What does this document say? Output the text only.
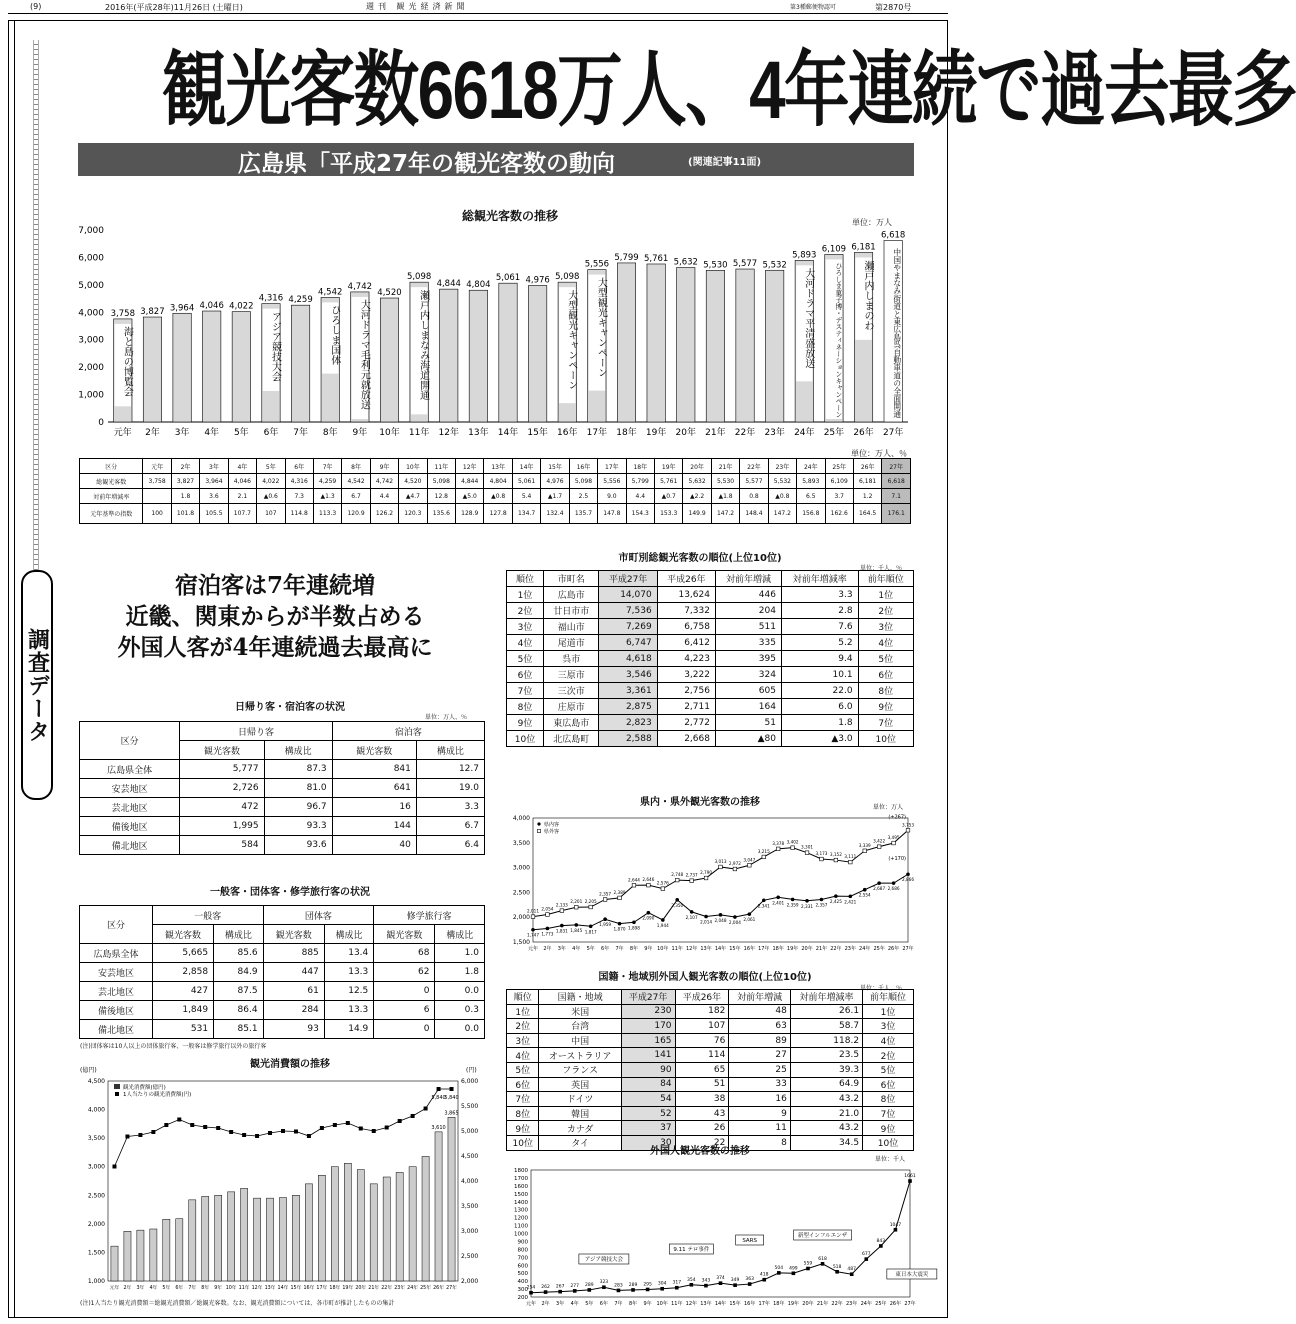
(9)	2016年(平成28年)11月26日 (土曜日)	週刊 観光経済新聞	第3種郵便物認可	第2870号
調査データ
観光客数6618万人、4年連続で過去最多
広島県「平成27年の観光客数の動向	(関連記事11面)
総観光客数の推移	単位：万人
0
1,000
2,000
3,000
4,000
5,000
6,000
7,000
3,758
元年
3,827
2年
3,964
3年
4,046
4年
4,022
5年
4,316
6年
4,259
7年
4,542
8年
4,742
9年
4,520
10年
5,098
11年
4,844
12年
4,804
13年
5,061
14年
4,976
15年
5,098
16年
5,556
17年
5,799
18年
5,761
19年
5,632
20年
5,530
21年
5,577
22年
5,532
23年
5,893
24年
6,109
25年
6,181
26年
6,618
27年
海と島の博覧会	アジア競技大会	ひろしま国体 大河ドラマ毛利元就放送	瀬戸内しまなみ海道開通	大型観光キャンペーン 大型観光キャンペーン	大河ドラマ平清盛放送	ひろしま菓子博・デスティネーションキャンペーン 瀬戸内しまのわ	中国やまなみ街道と東広島呉自動車道の全面開通
単位：万人、％
区分	元年	2年	3年	4年	5年	6年	7年	8年	9年	10年	11年	12年	13年	14年	15年	16年	17年	18年	19年	20年	21年	22年	23年	24年	25年	26年	27年
総観光客数	3,758	3,827	3,964	4,046	4,022	4,316	4,259	4,542	4,742	4,520	5,098	4,844	4,804	5,061	4,976	5,098	5,556	5,799	5,761	5,632	5,530	5,577	5,532	5,893	6,109	6,181	6,618
対前年増減率		1.8	3.6	2.1	▲0.6	7.3	▲1.3	6.7	4.4	▲4.7	12.8	▲5.0	▲0.8	5.4	▲1.7	2.5	9.0	4.4	▲0.7	▲2.2	▲1.8	0.8	▲0.8	6.5	3.7	1.2	7.1
元年基準の指数	100	101.8	105.5	107.7	107	114.8	113.3	120.9	126.2	120.3	135.6	128.9	127.8	134.7	132.4	135.7	147.8	154.3	153.3	149.9	147.2	148.4	147.2	156.8	162.6	164.5	176.1
宿泊客は7年連続増
近畿、関東からが半数占める
外国人客が4年連続過去最高に
日帰り客・宿泊客の状況
単位：万人、％
区分	日帰り客		宿泊客	
	観光客数	構成比	観光客数	構成比
広島県全体	5,777	87.3	841	12.7
安芸地区	2,726	81.0	641	19.0
芸北地区	472	96.7	16	3.3
備後地区	1,995	93.3	144	6.7
備北地区	584	93.6	40	6.4
一般客・団体客・修学旅行客の状況
区分	一般客		団体客		修学旅行客	
	観光客数	構成比	観光客数	構成比	観光客数	構成比
広島県全体	5,665	85.6	885	13.4	68	1.0
安芸地区	2,858	84.9	447	13.3	62	1.8
芸北地区	427	87.5	61	12.5	0	0.0
備後地区	1,849	86.4	284	13.3	6	0.3
備北地区	531	85.1	93	14.9	0	0.0
(注)団体客は10人以上の団体旅行客、一般客は修学旅行以外の旅行客
観光消費額の推移
(億円)	(円)
1,000
1,500
2,000
2,500
3,000
3,500
4,000
4,500
2,000
2,500
3,000
3,500
4,000
4,500
5,000
5,500
6,000
元年 2年 3年 4年 5年 6年 7年 8年 9年 10年 11年 12年 13年 14年 15年 16年 17年 18年 19年 20年 21年 22年 23年 24年 25年 26年 27年
3,610
3,865
5,840
5,840
観光消費額(億円)
1人当たりの観光消費額(円)
(注)1人当たり観光消費額＝総観光消費額／総観光客数。なお、観光消費額については、各市町が推計したものの集計
市町別総観光客数の順位(上位10位)
単位：千人、％
順位	市町名	平成27年	平成26年	対前年増減	対前年増減率	前年順位
1位	広島市	14,070	13,624	446	3.3	1位
2位	廿日市市	7,536	7,332	204	2.8	2位
3位	福山市	7,269	6,758	511	7.6	3位
4位	尾道市	6,747	6,412	335	5.2	4位
5位	呉市	4,618	4,223	395	9.4	5位
6位	三原市	3,546	3,222	324	10.1	6位
7位	三次市	3,361	2,756	605	22.0	8位
8位	庄原市	2,875	2,711	164	6.0	9位
9位	東広島市	2,823	2,772	51	1.8	7位
10位	北広島町	2,588	2,668	▲80	▲3.0	10位
県内・県外観光客数の推移	単位：万人
1,500
2,000
2,500
3,000
3,500
4,000
元年 2年 3年 4年 5年 6年 7年 8年 9年 10年 11年 12年 13年 14年 15年 16年 17年 18年 19年 20年 21年 22年 23年 24年 25年 26年 27年
1,747 1,773
1,831 1,845 1,817
1,959
1,870 1,898
2,090
1,944
2,350
2,107
2,014 2,048 2,004
2,061
2,341
2,401 2,359 2,331 2,357
2,425 2,421
2,554
2,687 2,686
2,866
県内客
2,011 2,054
2,133
2,201 2,205
2,357 2,389
2,644 2,646
2,576
2,748 2,737
2,790
3,013 2,972
3,047
3,215
3,378 3,402
3,301
3,173 3,152 3,111
3,339
3,422
3,495
3,753
県外客
(+267)
(+170)
国籍・地域別外国人観光客数の順位(上位10位)
単位：千人、％
順位	国籍・地域	平成27年	平成26年	対前年増減	対前年増減率	前年順位
1位	米国	230	182	48	26.1	1位
2位	台湾	170	107	63	58.7	3位
3位	中国	165	76	89	118.2	4位
4位	オーストラリア	141	114	27	23.5	2位
5位	フランス	90	65	25	39.3	5位
6位	英国	84	51	33	64.9	6位
7位	ドイツ	54	38	16	43.2	8位
8位	韓国	52	43	9	21.0	7位
9位	カナダ	37	26	11	43.2	9位
10位	タイ	30	22	8	34.5	10位
外国人観光客数の推移
単位：千人
200
300
400
500
600
700
800
900
1000
1100
1200
1300
1400
1500
1600
1700
1800
元年 2年 3年 4年 5年 6年 7年 8年 9年 10年 11年 12年 13年 14年 15年 16年 17年 18年 19年 20年 21年 22年 23年 24年 25年 26年 27年
254 262 267 277 289
323
283 289 295 304 317
354 343 374 349 363
418
504 499
559
618
518 487
677
843
1047
1661
アジア競技大会
9.11 テロ事件
SARS
新型インフルエンザ
東日本大震災
